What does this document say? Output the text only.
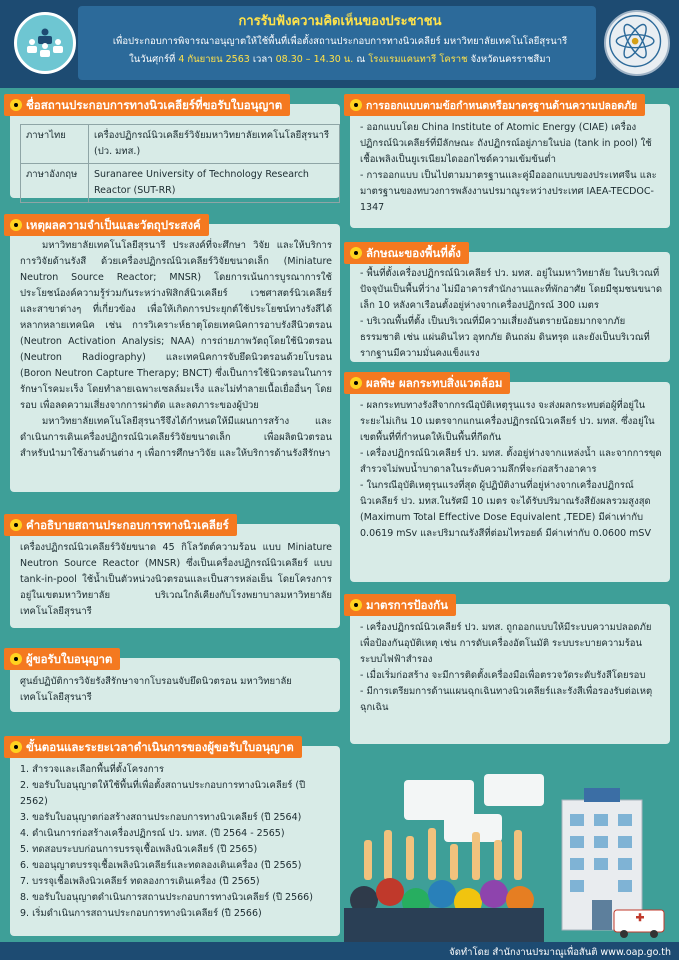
การรับฟังความคิดเห็นของประชาชน
เพื่อประกอบการพิจารณาอนุญาตให้ใช้พื้นที่เพื่อตั้งสถานประกอบการทางนิวเคลียร์ มหาวิทยาลัยเทคโนโลยีสุรนารี
ในวันศุกร์ที่ 4 กันยายน 2563 เวลา 08.30 – 14.30 น. ณ โรงแรมแคนทารี โคราช จังหวัดนครราชสีมา
ชื่อสถานประกอบการทางนิวเคลียร์ที่ขอรับใบอนุญาต
ภาษาไทย	เครื่องปฏิกรณ์นิวเคลียร์วิจัยมหาวิทยาลัยเทคโนโลยีสุรนารี (ปว. มทส.)
ภาษาอังกฤษ	Suranaree University of Technology Research Reactor (SUT-RR)
เหตุผลความจำเป็นและวัตถุประสงค์

มหาวิทยาลัยเทคโนโลยีสุรนารี ประสงค์ที่จะศึกษา วิจัย และให้บริการการวิจัยด้านรังสี ด้วยเครื่องปฏิกรณ์นิวเคลียร์วิจัยขนาดเล็ก (Miniature Neutron Source Reactor; MNSR) โดยการเน้นการบูรณาการใช้ประโยชน์องค์ความรู้ร่วมกันระหว่างฟิสิกส์นิวเคลียร์ เวชศาสตร์นิวเคลียร์ และสาขาต่างๆ ที่เกี่ยวข้อง เพื่อให้เกิดการประยุกต์ใช้ประโยชน์ทางรังสีได้หลากหลายเทคนิค เช่น การวิเคราะห์ธาตุโดยเทคนิคการอาบรังสีนิวตรอน (Neutron Activation Analysis; NAA) การถ่ายภาพวัตถุโดยใช้นิวตรอน (Neutron Radiography) และเทคนิคการจับยึดนิวตรอนด้วยโบรอน (Boron Neutron Capture Therapy; BNCT) ซึ่งเป็นการใช้นิวตรอนในการรักษาโรคมะเร็ง โดยทำลายเฉพาะเซลล์มะเร็ง และไม่ทำลายเนื้อเยื่ออื่นๆ โดยรอบ เพื่อลดความเสี่ยงจากการผ่าตัด และลดภาระของผู้ป่วย

มหาวิทยาลัยเทคโนโลยีสุรนารีจึงได้กำหนดให้มีแผนการสร้าง และดำเนินการเดินเครื่องปฏิกรณ์นิวเคลียร์วิจัยขนาดเล็ก เพื่อผลิตนิวตรอน สำหรับนำมาใช้งานด้านต่าง ๆ เพื่อการศึกษาวิจัย และให้บริการด้านรังสีรักษา

คำอธิบายสถานประกอบการทางนิวเคลียร์

เครื่องปฏิกรณ์นิวเคลียร์วิจัยขนาด 45 กิโลวัตต์ความร้อน แบบ Miniature Neutron Source Reactor (MNSR) ซึ่งเป็นเครื่องปฏิกรณ์นิวเคลียร์ แบบ tank-in-pool ใช้น้ำเป็นตัวหน่วงนิวตรอนและเป็นสารหล่อเย็น โดยโครงการอยู่ในเขตมหาวิทยาลัย บริเวณใกล้เคียงกับโรงพยาบาลมหาวิทยาลัยเทคโนโลยีสุรนารี

ผู้ขอรับใบอนุญาต

ศูนย์ปฏิบัติการวิจัยรังสีรักษาจากโบรอนจับยึดนิวตรอน มหาวิทยาลัยเทคโนโลยีสุรนารี

ขั้นตอนและระยะเวลาดำเนินการของผู้ขอรับใบอนุญาต

1. สำรวจและเลือกพื้นที่ตั้งโครงการ

2. ขอรับใบอนุญาตให้ใช้พื้นที่เพื่อตั้งสถานประกอบการทางนิวเคลียร์ (ปี 2562)

3. ขอรับใบอนุญาตก่อสร้างสถานประกอบการทางนิวเคลียร์ (ปี 2564)

4. ดำเนินการก่อสร้างเครื่องปฏิกรณ์ ปว. มทส. (ปี 2564 - 2565)

5. ทดสอบระบบก่อนการบรรจุเชื้อเพลิงนิวเคลียร์ (ปี 2565)

6. ขออนุญาตบรรจุเชื้อเพลิงนิวเคลียร์และทดลองเดินเครื่อง (ปี 2565)

7. บรรจุเชื้อเพลิงนิวเคลียร์ ทดลองการเดินเครื่อง (ปี 2565)

8. ขอรับใบอนุญาตดำเนินการสถานประกอบการทางนิวเคลียร์ (ปี 2566)

9. เริ่มดำเนินการสถานประกอบการทางนิวเคลียร์ (ปี 2566)

การออกแบบตามข้อกำหนดหรือมาตรฐานด้านความปลอดภัย

- ออกแบบโดย China Institute of Atomic Energy (CIAE) เครื่องปฏิกรณ์นิวเคลียร์ที่มีลักษณะ ถังปฏิกรณ์อยู่ภายในบ่อ (tank in pool) ใช้เชื้อเพลิงเป็นยูเรเนียมไดออกไซด์ความเข้มข้นต่ำ

- การออกแบบ เป็นไปตามมาตรฐานและคู่มือออกแบบของประเทศจีน และมาตรฐานของทบวงการพลังงานปรมาณูระหว่างประเทศ IAEA-TECDOC-1347

ลักษณะของพื้นที่ตั้ง

- พื้นที่ตั้งเครื่องปฏิกรณ์นิวเคลียร์ ปว. มทส. อยู่ในมหาวิทยาลัย ในบริเวณที่ปัจจุบันเป็นพื้นที่ว่าง ไม่มีอาคารสำนักงานและที่พักอาศัย โดยมีชุมชนขนาดเล็ก 10 หลังคาเรือนตั้งอยู่ห่างจากเครื่องปฏิกรณ์ 300 เมตร

- บริเวณพื้นที่ตั้ง เป็นบริเวณที่มีความเสี่ยงอันตรายน้อยมากจากภัยธรรมชาติ เช่น แผ่นดินไหว อุทกภัย ดินถล่ม ดินทรุด และยังเป็นบริเวณที่รากฐานมีความมั่นคงแข็งแรง

ผลพิษ ผลกระทบสิ่งแวดล้อม

- ผลกระทบทางรังสีจากกรณีอุบัติเหตุรุนแรง จะส่งผลกระทบต่อผู้ที่อยู่ในระยะไม่เกิน 10 เมตรจากแกนเครื่องปฏิกรณ์นิวเคลียร์ ปว. มทส. ซึ่งอยู่ในเขตพื้นที่ที่กำหนดให้เป็นพื้นที่กีดกัน

- เครื่องปฏิกรณ์นิวเคลียร์ ปว. มทส. ตั้งอยู่ห่างจากแหล่งน้ำ และจากการขุดสำรวจไม่พบน้ำบาดาลในระดับความลึกที่จะก่อสร้างอาคาร

- ในกรณีอุบัติเหตุรุนแรงที่สุด ผู้ปฏิบัติงานที่อยู่ห่างจากเครื่องปฏิกรณ์นิวเคลียร์ ปว. มทส.ในรัศมี 10 เมตร จะได้รับปริมาณรังสียังผลรวมสูงสุด (Maximum Total Effective Dose Equivalent ,TEDE) มีค่าเท่ากับ 0.0619 mSv และปริมาณรังสีที่ต่อมไทรอยด์ มีค่าเท่ากับ 0.0600 mSV

มาตรการป้องกัน

- เครื่องปฏิกรณ์นิวเคลียร์ ปว. มทส. ถูกออกแบบให้มีระบบความปลอดภัยเพื่อป้องกันอุบัติเหตุ เช่น การดับเครื่องอัตโนมัติ ระบบระบายความร้อน ระบบไฟฟ้าสำรอง

- เมื่อเริ่มก่อสร้าง จะมีการติดตั้งเครื่องมือเพื่อตรวจวัดระดับรังสีโดยรอบ

- มีการเตรียมการด้านแผนฉุกเฉินทางนิวเคลียร์และรังสีเพื่อรองรับต่อเหตุฉุกเฉิน

จัดทำโดย สำนักงานปรมาณูเพื่อสันติ www.oap.go.th
